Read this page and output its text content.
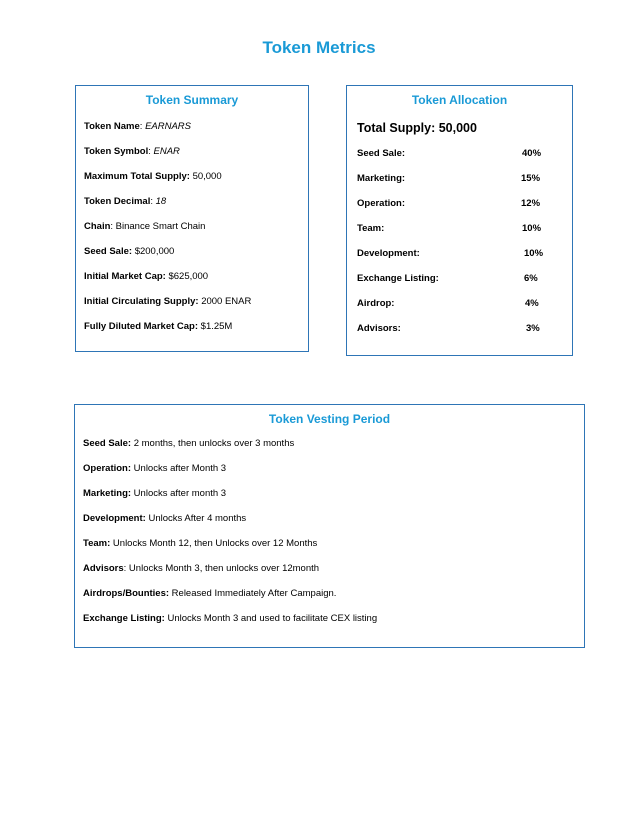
Token Metrics
Token Summary
Token Name: EARNARS
Token Symbol: ENAR
Maximum Total Supply: 50,000
Token Decimal: 18
Chain: Binance Smart Chain
Seed Sale: $200,000
Initial Market Cap: $625,000
Initial Circulating Supply: 2000 ENAR
Fully Diluted Market Cap: $1.25M
Token Allocation
Total Supply: 50,000
Seed Sale:	40%
Marketing:	15%
Operation:	12%
Team:	10%
Development:	10%
Exchange Listing:	6%
Airdrop:	4%
Advisors:	3%
Token Vesting Period
Seed Sale: 2 months, then unlocks over 3 months
Operation: Unlocks after Month 3
Marketing: Unlocks after month 3
Development: Unlocks After 4 months
Team: Unlocks Month 12, then Unlocks over 12 Months
Advisors: Unlocks Month 3, then unlocks over 12month
Airdrops/Bounties: Released Immediately After Campaign.
Exchange Listing: Unlocks Month 3 and used to facilitate CEX listing
